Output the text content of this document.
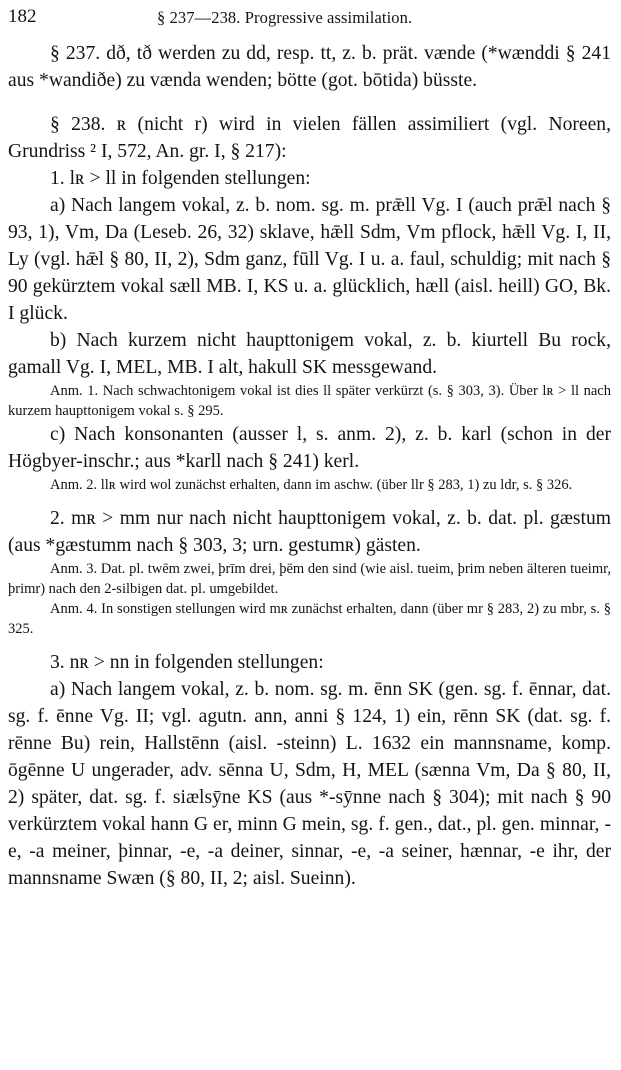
182	§ 237—238. Progressive assimilation.

§ 237. dð, tð werden zu dd, resp. tt, z. b. prät. vænde (*wænddi § 241 aus *wandiðe) zu vænda wenden; bötte (got. bōtida) büsste.

§ 238. ʀ (nicht r) wird in vielen fällen assimiliert (vgl. Noreen, Grundriss ² I, 572, An. gr. I, § 217):

1. lʀ > ll in folgenden stellungen:

a) Nach langem vokal, z. b. nom. sg. m. prǣll Vg. I (auch prǣl nach § 93, 1), Vm, Da (Leseb. 26, 32) sklave, hǣll Sdm, Vm pflock, hǣll Vg. I, II, Ly (vgl. hǣl § 80, II, 2), Sdm ganz, fūll Vg. I u. a. faul, schuldig; mit nach § 90 gekürztem vokal sæll MB. I, KS u. a. glücklich, hæll (aisl. heill) GO, Bk. I glück.

b) Nach kurzem nicht haupttonigem vokal, z. b. kiurtell Bu rock, gamall Vg. I, MEL, MB. I alt, hakull SK messgewand.

Anm. 1. Nach schwachtonigem vokal ist dies ll später verkürzt (s. § 303, 3). Über lʀ > ll nach kurzem haupttonigem vokal s. § 295.

c) Nach konsonanten (ausser l, s. anm. 2), z. b. karl (schon in der Högbyer-inschr.; aus *karll nach § 241) kerl.

Anm. 2. llʀ wird wol zunächst erhalten, dann im aschw. (über llr § 283, 1) zu ldr, s. § 326.

2. mʀ > mm nur nach nicht haupttonigem vokal, z. b. dat. pl. gæstum (aus *gæstumm nach § 303, 3; urn. gestumʀ) gästen.

Anm. 3. Dat. pl. twēm zwei, þrīm drei, þēm den sind (wie aisl. tueim, þrim neben älteren tueimr, þrimr) nach den 2-silbigen dat. pl. umgebildet.

Anm. 4. In sonstigen stellungen wird mʀ zunächst erhalten, dann (über mr § 283, 2) zu mbr, s. § 325.

3. nʀ > nn in folgenden stellungen:

a) Nach langem vokal, z. b. nom. sg. m. ēnn SK (gen. sg. f. ēnnar, dat. sg. f. ēnne Vg. II; vgl. agutn. ann, anni § 124, 1) ein, rēnn SK (dat. sg. f. rēnne Bu) rein, Hallstēnn (aisl. -steinn) L. 1632 ein mannsname, komp. ōgēnne U ungerader, adv. sēnna U, Sdm, H, MEL (sænna Vm, Da § 80, II, 2) später, dat. sg. f. siælsȳne KS (aus *-sȳnne nach § 304); mit nach § 90 verkürztem vokal hann G er, minn G mein, sg. f. gen., dat., pl. gen. minnar, -e, -a meiner, þinnar, -e, -a deiner, sinnar, -e, -a seiner, hænnar, -e ihr, der mannsname Swæn (§ 80, II, 2; aisl. Sueinn).
